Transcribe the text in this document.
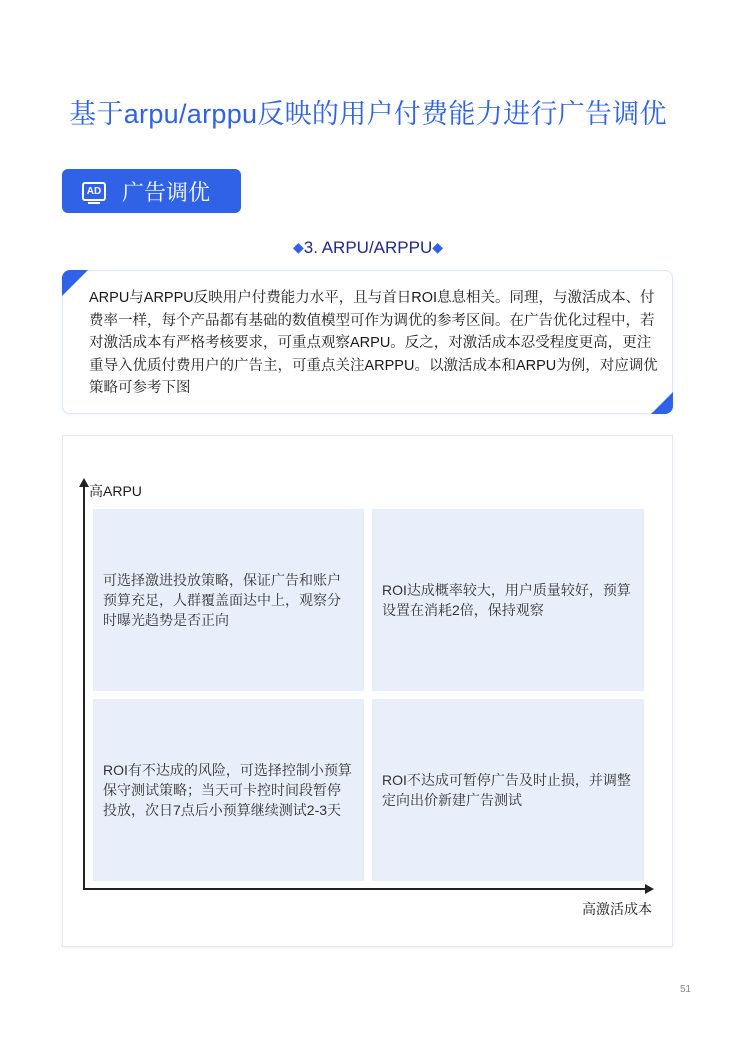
基于arpu/arppu反映的用户付费能力进行广告调优
AD 广告调优
◆3. ARPU/ARPPU◆
ARPU与ARPPU反映用户付费能力水平，且与首日ROI息息相关。同理，与激活成本、付费率一样，每个产品都有基础的数值模型可作为调优的参考区间。在广告优化过程中，若对激活成本有严格考核要求，可重点观察ARPU。反之，对激活成本忍受程度更高，更注重导入优质付费用户的广告主，可重点关注ARPPU。以激活成本和ARPU为例，对应调优策略可参考下图
高ARPU
高激活成本
可选择激进投放策略，保证广告和账户预算充足，人群覆盖面达中上，观察分时曝光趋势是否正向
ROI达成概率较大，用户质量较好，预算设置在消耗2倍，保持观察
ROI有不达成的风险，可选择控制小预算保守测试策略；当天可卡控时间段暂停投放，次日7点后小预算继续测试2-3天
ROI不达成可暂停广告及时止损，并调整定向出价新建广告测试
51
